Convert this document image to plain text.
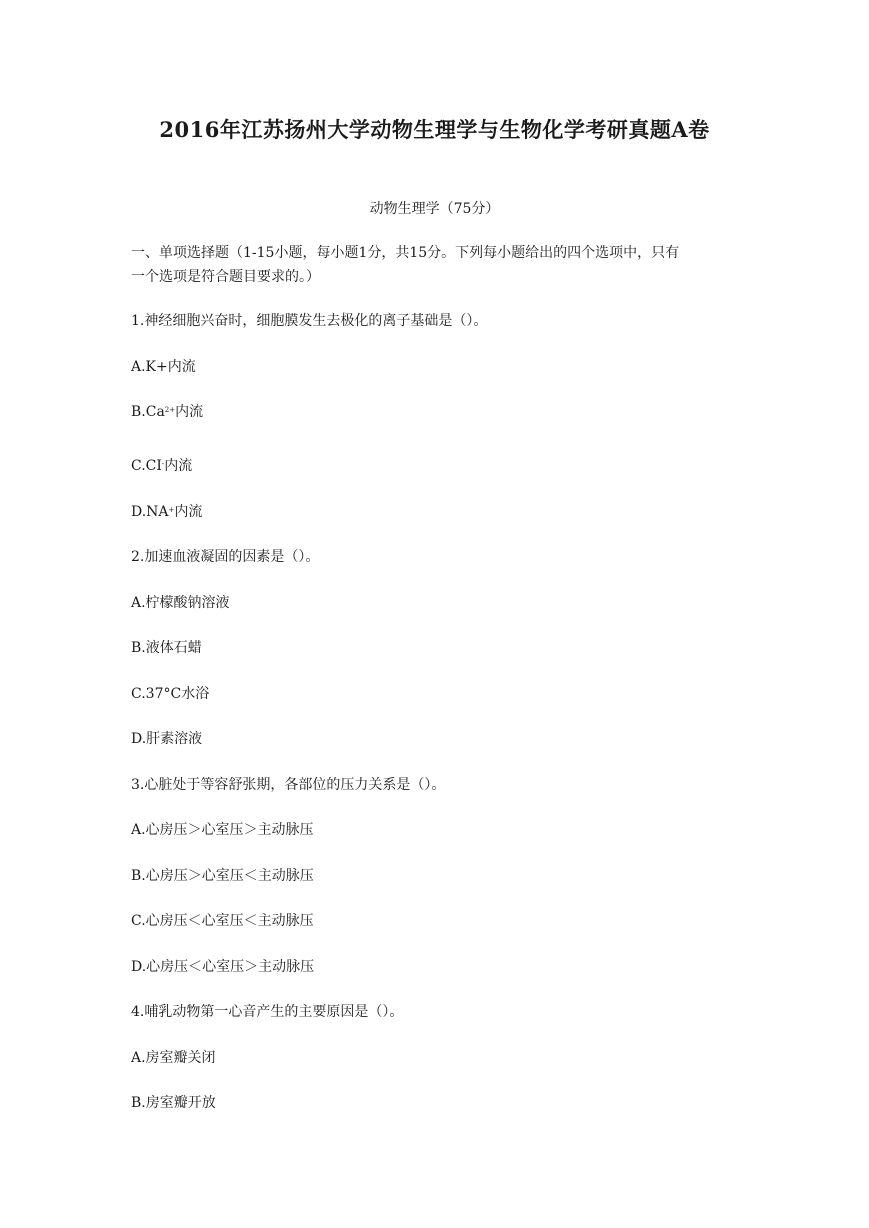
2016年江苏扬州大学动物生理学与生物化学考研真题A卷
动物生理学（75分）
一、单项选择题（1-15小题，每小题1分，共15分。下列每小题给出的四个选项中，只有
一个选项是符合题目要求的。）
1.神经细胞兴奋时，细胞膜发生去极化的离子基础是（）。
A.K+内流
$B.Ca^{2+}$内流
C.CI-内流
D.NA+内流
2.加速血液凝固的因素是（）。
A.柠檬酸钠溶液
B.液体石蜡
C.37°C水浴
D.肝素溶液
3.心脏处于等容舒张期，各部位的压力关系是（）。
A.心房压＞心室压＞主动脉压
B.心房压＞心室压＜主动脉压
C.心房压＜心室压＜主动脉压
D.心房压＜心室压＞主动脉压
4.哺乳动物第一心音产生的主要原因是（）。
A.房室瓣关闭
B.房室瓣开放
